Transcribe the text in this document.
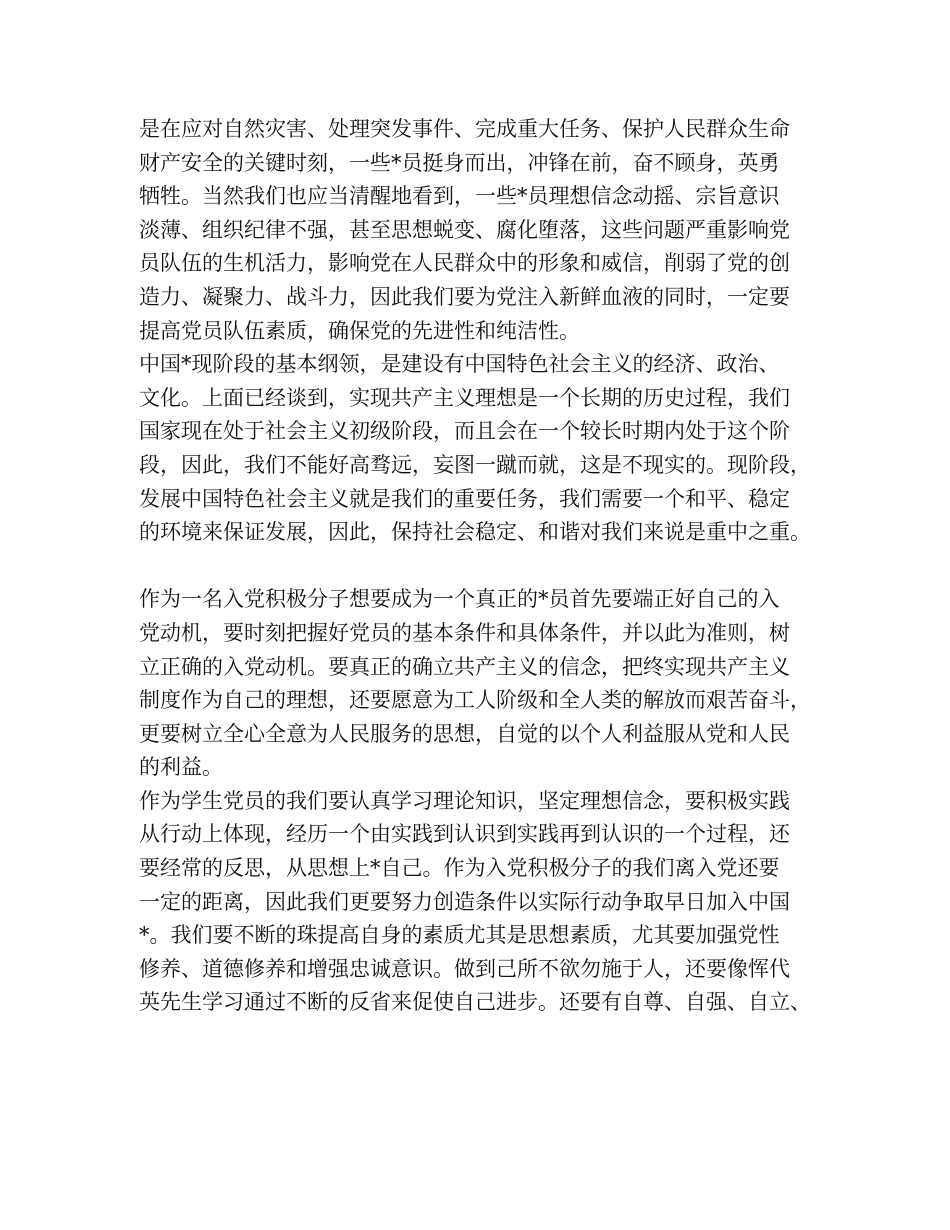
是在应对自然灾害、处理突发事件、完成重大任务、保护人民群众生命
财产安全的关键时刻，一些*员挺身而出，冲锋在前，奋不顾身，英勇
牺牲。当然我们也应当清醒地看到，一些*员理想信念动摇、宗旨意识
淡薄、组织纪律不强，甚至思想蜕变、腐化堕落，这些问题严重影响党
员队伍的生机活力，影响党在人民群众中的形象和威信，削弱了党的创
造力、凝聚力、战斗力，因此我们要为党注入新鲜血液的同时，一定要
提高党员队伍素质，确保党的先进性和纯洁性。
中国*现阶段的基本纲领，是建设有中国特色社会主义的经济、政治、
文化。上面已经谈到，实现共产主义理想是一个长期的历史过程，我们
国家现在处于社会主义初级阶段，而且会在一个较长时期内处于这个阶
段，因此，我们不能好高骛远，妄图一蹴而就，这是不现实的。现阶段，
发展中国特色社会主义就是我们的重要任务，我们需要一个和平、稳定
的环境来保证发展，因此，保持社会稳定、和谐对我们来说是重中之重。
作为一名入党积极分子想要成为一个真正的*员首先要端正好自己的入
党动机，要时刻把握好党员的基本条件和具体条件，并以此为准则，树
立正确的入党动机。要真正的确立共产主义的信念，把终实现共产主义
制度作为自己的理想，还要愿意为工人阶级和全人类的解放而艰苦奋斗，
更要树立全心全意为人民服务的思想，自觉的以个人利益服从党和人民
的利益。
作为学生党员的我们要认真学习理论知识，坚定理想信念，要积极实践
从行动上体现，经历一个由实践到认识到实践再到认识的一个过程，还
要经常的反思，从思想上*自己。作为入党积极分子的我们离入党还要
一定的距离，因此我们更要努力创造条件以实际行动争取早日加入中国
*。我们要不断的珠提高自身的素质尤其是思想素质，尤其要加强党性
修养、道德修养和增强忠诚意识。做到己所不欲勿施于人，还要像恽代
英先生学习通过不断的反省来促使自己进步。还要有自尊、自强、自立、
